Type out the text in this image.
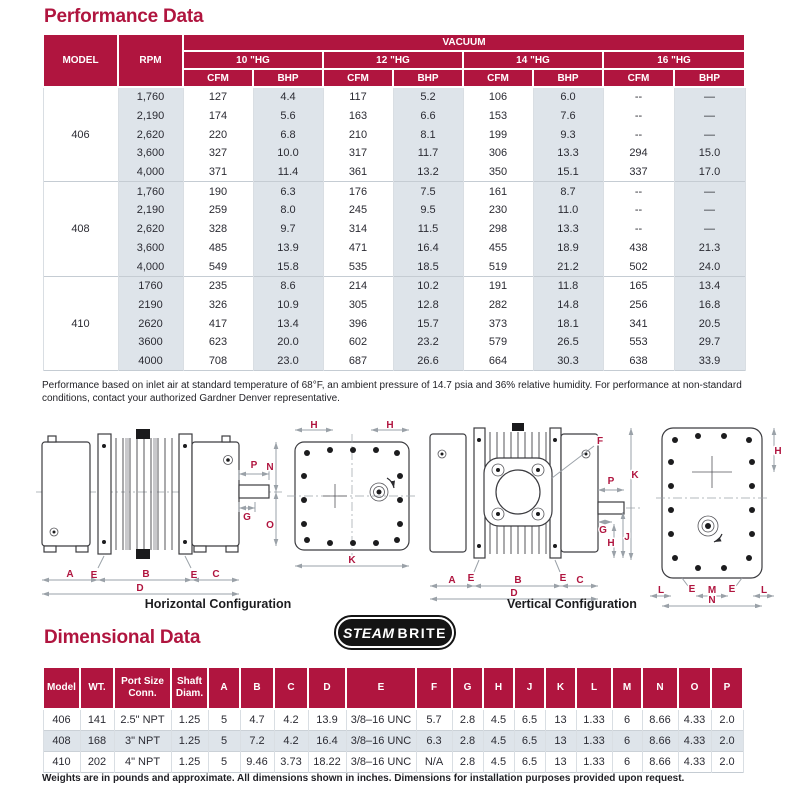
Performance Data
MODEL	RPM	VACUUM							
		10 "HG		12 "HG		14 "HG		16 "HG	
		CFM	BHP	CFM	BHP	CFM	BHP	CFM	BHP
406	1,760	127	4.4	117	5.2	106	6.0	--	—
	2,190	174	5.6	163	6.6	153	7.6	--	—
	2,620	220	6.8	210	8.1	199	9.3	--	—
	3,600	327	10.0	317	11.7	306	13.3	294	15.0
	4,000	371	11.4	361	13.2	350	15.1	337	17.0
408	1,760	190	6.3	176	7.5	161	8.7	--	—
	2,190	259	8.0	245	9.5	230	11.0	--	—
	2,620	328	9.7	314	11.5	298	13.3	--	—
	3,600	485	13.9	471	16.4	455	18.9	438	21.3
	4,000	549	15.8	535	18.5	519	21.2	502	24.0
410	1760	235	8.6	214	10.2	191	11.8	165	13.4
	2190	326	10.9	305	12.8	282	14.8	256	16.8
	2620	417	13.4	396	15.7	373	18.1	341	20.5
	3600	623	20.0	602	23.2	579	26.5	553	29.7
	4000	708	23.0	687	26.6	664	30.3	638	33.9
Performance based on inlet air at standard temperature of 68°F, an ambient pressure of 14.7 psia and 36% relative humidity. For performance at non-standard conditions, contact your authorized Gardner Denver representative.
P
G
N
O
E	E
A	B	C
D
H	H
K
F
K
P
G
H
J
E	E
A	B	C
D
H
E	E
L	M	L
N
Horizontal Configuration	Vertical Configuration
STEAM BRITE
Dimensional Data
Model	WT.	Port Size Conn.	Shaft Diam.	A	B	C	D	E	F	G	H	J	K	L	M	N	O	P
406	141	2.5" NPT	1.25	5	4.7	4.2	13.9	3/8–16 UNC	5.7	2.8	4.5	6.5	13	1.33	6	8.66	4.33	2.0
408	168	3" NPT	1.25	5	7.2	4.2	16.4	3/8–16 UNC	6.3	2.8	4.5	6.5	13	1.33	6	8.66	4.33	2.0
410	202	4" NPT	1.25	5	9.46	3.73	18.22	3/8–16 UNC	N/A	2.8	4.5	6.5	13	1.33	6	8.66	4.33	2.0
Weights are in pounds and approximate. All dimensions shown in inches. Dimensions for installation purposes provided upon request.
